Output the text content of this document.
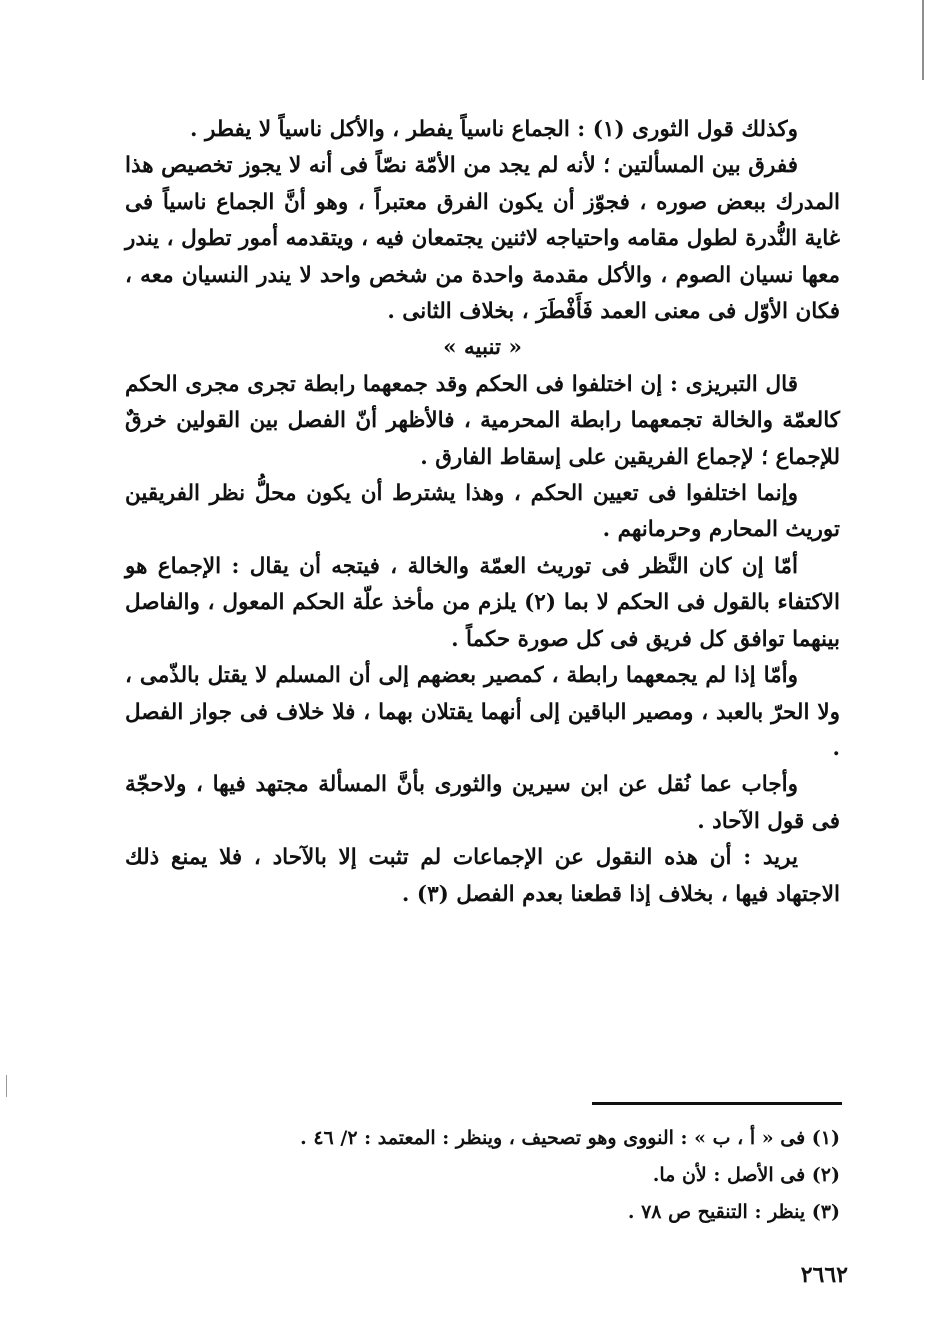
وكذلك قول الثورى (١) : الجماع ناسياً يفطر ، والأكل ناسياً لا يفطر .

ففرق بين المسألتين ؛ لأنه لم يجد من الأمّة نصّاً فى أنه لا يجوز تخصيص هذا المدرك ببعض صوره ، فجوّز أن يكون الفرق معتبراً ، وهو أنَّ الجماع ناسياً فى غاية النُّدرة لطول مقامه واحتياجه لاثنين يجتمعان فيه ، ويتقدمه أمور تطول ، يندر معها نسيان الصوم ، والأكل مقدمة واحدة من شخص واحد لا يندر النسيان معه ، فكان الأوّل فى معنى العمد فَأَفْطَرَ ، بخلاف الثانى .

« تنبيه »

قال التبريزى : إن اختلفوا فى الحكم وقد جمعهما رابطة تجرى مجرى الحكم كالعمّة والخالة تجمعهما رابطة المحرمية ، فالأظهر أنّ الفصل بين القولين خرقٌ للإجماع ؛ لإجماع الفريقين على إسقاط الفارق .

وإنما اختلفوا فى تعيين الحكم ، وهذا يشترط أن يكون محلُّ نظر الفريقين توريث المحارم وحرمانهم .

أمّا إن كان النَّظر فى توريث العمّة والخالة ، فيتجه أن يقال : الإجماع هو الاكتفاء بالقول فى الحكم لا بما (٢) يلزم من مأخذ علّة الحكم المعول ، والفاصل بينهما توافق كل فريق فى كل صورة حكماً .

وأمّا إذا لم يجمعهما رابطة ، كمصير بعضهم إلى أن المسلم لا يقتل بالذّمى ، ولا الحرّ بالعبد ، ومصير الباقين إلى أنهما يقتلان بهما ، فلا خلاف فى جواز الفصل .

وأجاب عما نُقل عن ابن سيرين والثورى بأنَّ المسألة مجتهد فيها ، ولاحجّة فى قول الآحاد .

يريد : أن هذه النقول عن الإجماعات لم تثبت إلا بالآحاد ، فلا يمنع ذلك الاجتهاد فيها ، بخلاف إذا قطعنا بعدم الفصل (٣) .

(١) فى « أ ، ب » : النووى وهو تصحيف ، وينظر : المعتمد : ٢/ ٤٦ .

(٢) فى الأصل : لأن ما.

(٣) ينظر : التنقيح ص ٧٨ .

٢٦٦٢
